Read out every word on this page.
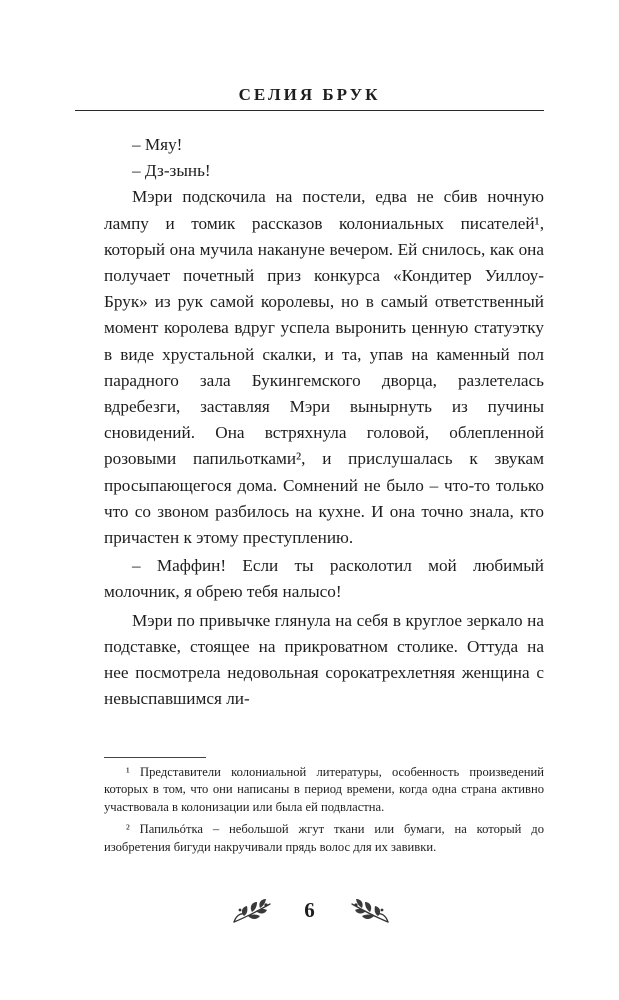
СЕЛИЯ БРУК

– Мяу!

– Дз-зынь!

Мэри подскочила на постели, едва не сбив ночную лампу и томик рассказов колониальных писателей¹, который она мучила накануне вечером. Ей снилось, как она получает почетный приз конкурса «Кондитер Уиллоу-Брук» из рук самой королевы, но в самый ответственный момент королева вдруг успела выронить ценную статуэтку в виде хрустальной скалки, и та, упав на каменный пол парадного зала Букингемского дворца, разлетелась вдребезги, заставляя Мэри вынырнуть из пучины сновидений. Она встряхнула головой, облепленной розовыми папильотками², и прислушалась к звукам просыпающегося дома. Сомнений не было – что-то только что со звоном разбилось на кухне. И она точно знала, кто причастен к этому преступлению.

– Маффин! Если ты расколотил мой любимый молочник, я обрею тебя налысо!

Мэри по привычке глянула на себя в круглое зеркало на подставке, стоящее на прикроватном столике. Оттуда на нее посмотрела недовольная сорокатрехлетняя женщина с невыспавшимся ли-

¹ Представители колониальной литературы, особенность произведений которых в том, что они написаны в период времени, когда одна страна активно участвовала в колонизации или была ей подвластна.

² Папильóтка – небольшой жгут ткани или бумаги, на который до изобретения бигуди накручивали прядь волос для их завивки.

6
